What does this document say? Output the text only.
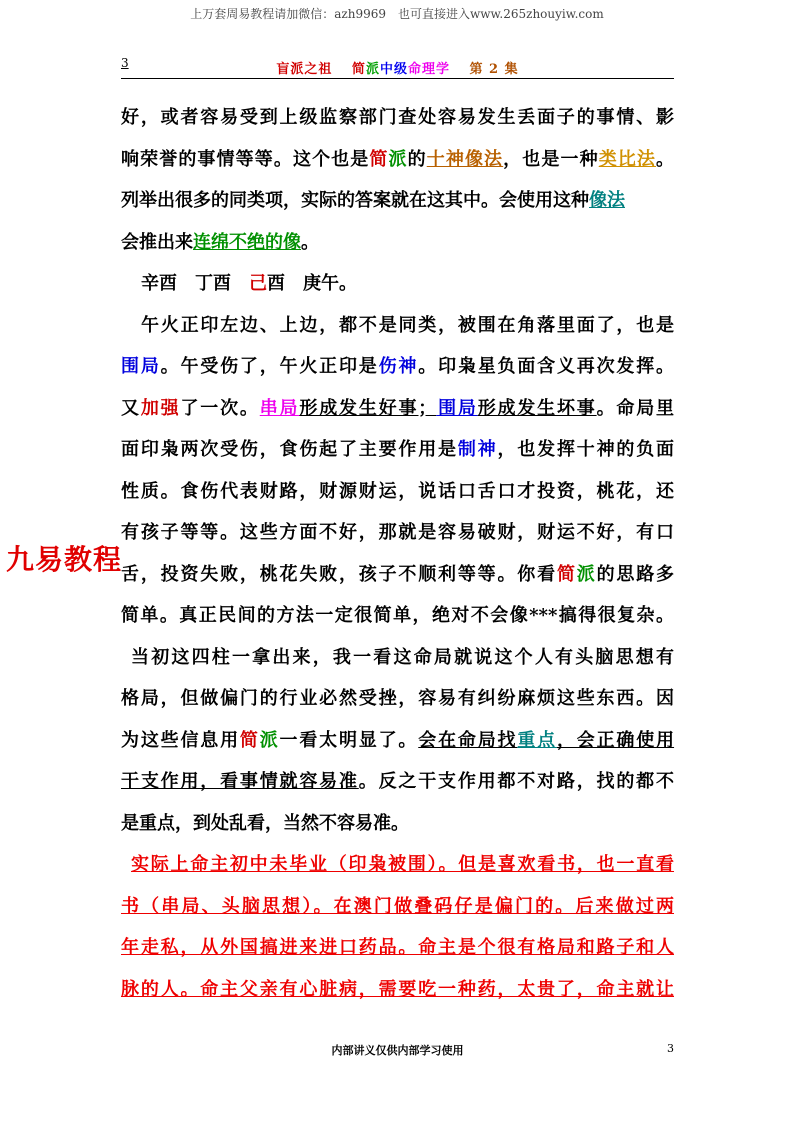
上万套周易教程请加微信：azh9969　也可直接进入www.265zhouyiw.com
3	盲派之祖　 简派中级命理学　 第 2 集
九易教程
好，或者容易受到上级监察部门查处容易发生丢面子的事情、影
响荣誉的事情等等。这个也是简派的十神像法，也是一种类比法。
列举出很多的同类项，实际的答案就在这其中。会使用这种像法
会推出来连绵不绝的像。
辛酉　丁酉　己酉　庚午。
午火正印左边、上边，都不是同类，被围在角落里面了，也是
围局。午受伤了，午火正印是伤神。印枭星负面含义再次发挥。
又加强了一次。串局形成发生好事；围局形成发生坏事。命局里
面印枭两次受伤，食伤起了主要作用是制神，也发挥十神的负面
性质。食伤代表财路，财源财运，说话口舌口才投资，桃花，还
有孩子等等。这些方面不好，那就是容易破财，财运不好，有口
舌，投资失败，桃花失败，孩子不顺利等等。你看简派的思路多
简单。真正民间的方法一定很简单，绝对不会像***搞得很复杂。
当初这四柱一拿出来，我一看这命局就说这个人有头脑思想有
格局，但做偏门的行业必然受挫，容易有纠纷麻烦这些东西。因
为这些信息用简派一看太明显了。会在命局找重点，会正确使用
干支作用，看事情就容易准。反之干支作用都不对路，找的都不
是重点，到处乱看，当然不容易准。
实际上命主初中未毕业（印枭被围）。但是喜欢看书，也一直看
书（串局、头脑思想）。在澳门做叠码仔是偏门的。后来做过两
年走私，从外国搞进来进口药品。命主是个很有格局和路子和人
脉的人。命主父亲有心脏病，需要吃一种药，太贵了，命主就让
内部讲义仅供内部学习使用	3
